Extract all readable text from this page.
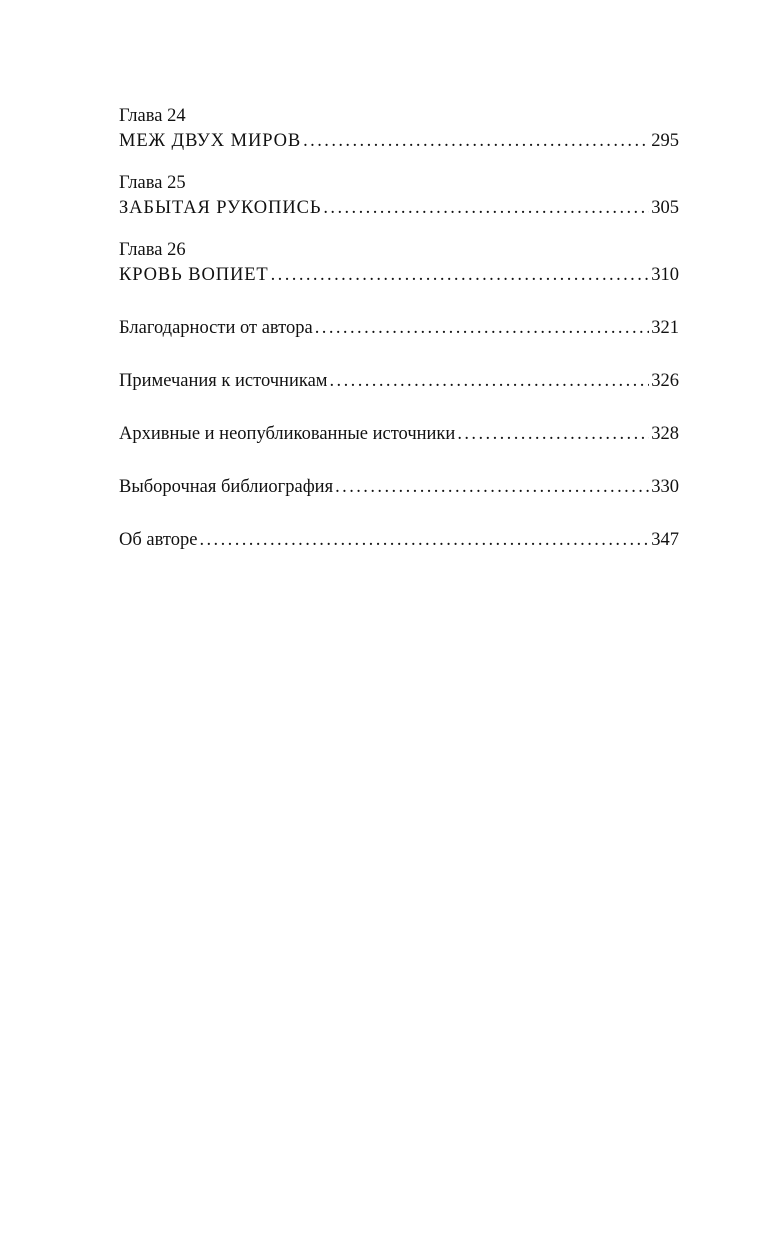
Глава 24
МЕЖ ДВУХ МИРОВ . . .	295
Глава 25
ЗАБЫТАЯ РУКОПИСЬ . . .	305
Глава 26
КРОВЬ ВОПИЕТ . . .	310
Благодарности от автора . . .	321
Примечания к источникам . . .	326
Архивные и неопубликованные источники . . .	328
Выборочная библиография . . .	330
Об авторе . . .	347
